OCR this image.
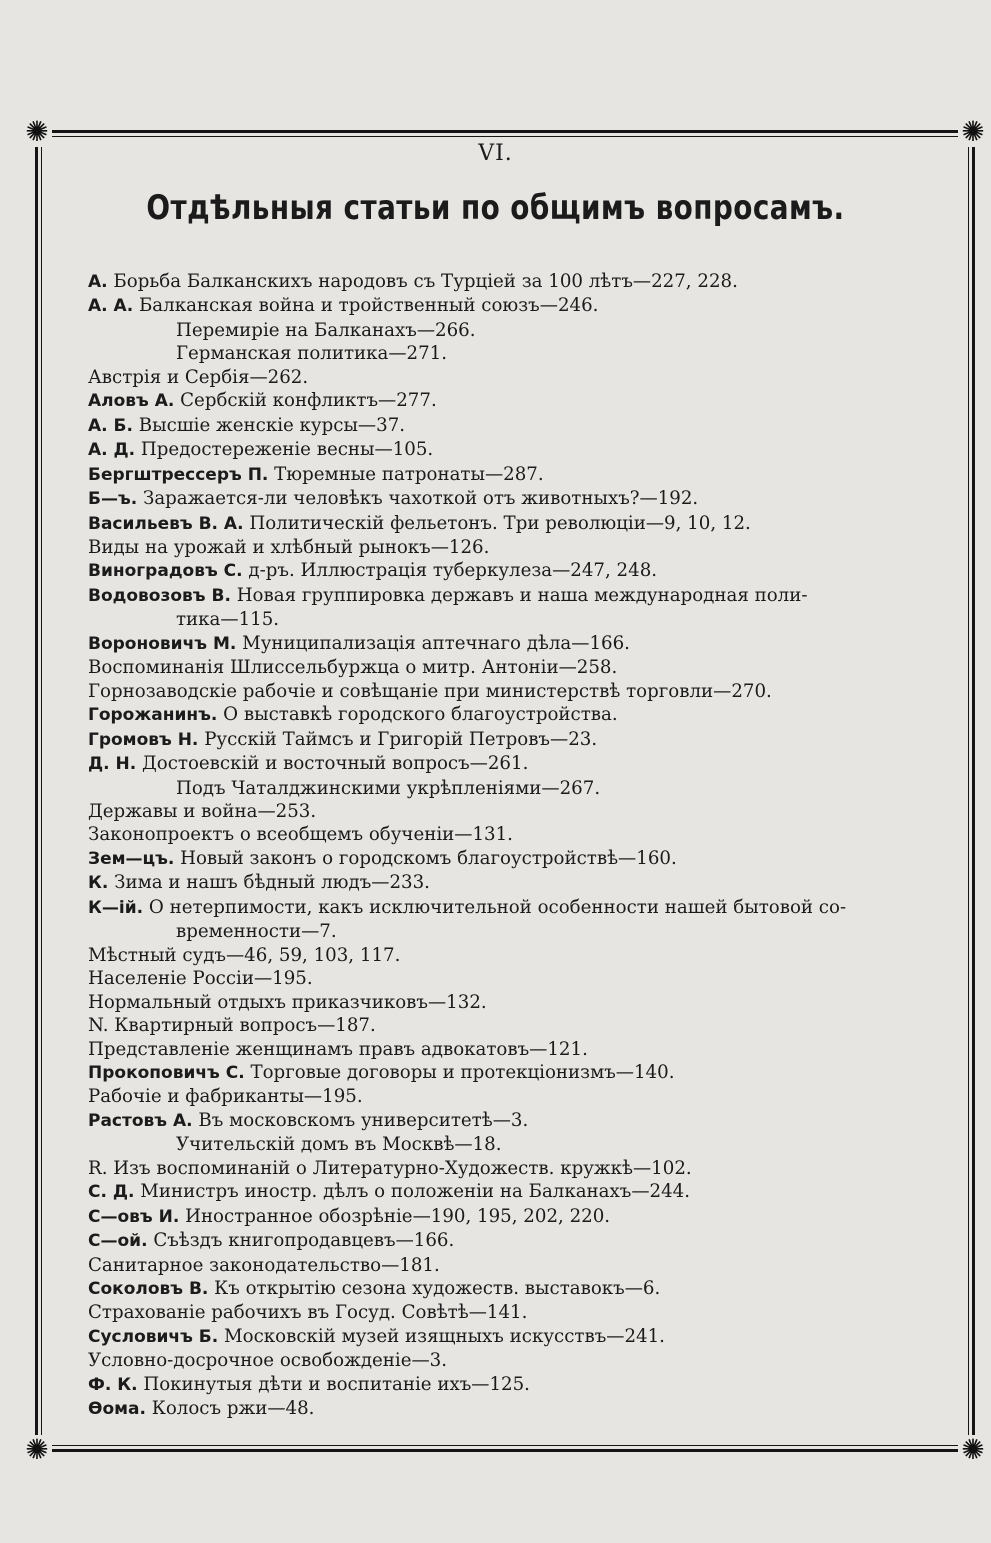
✺	✺
✺	✺
VI.
Отдѣльныя статьи по общимъ вопросамъ.
А. Борьба Балканскихъ народовъ съ Турціей за 100 лѣтъ—227, 228.
А. А. Балканская война и тройственный союзъ—246.
Перемиріе на Балканахъ—266.
Германская политика—271.
Австрія и Сербія—262.
Аловъ А. Сербскій конфликтъ—277.
А. Б. Высшіе женскіе курсы—37.
А. Д. Предостереженіе весны—105.
Бергштрессеръ П. Тюремные патронаты—287.
Б—ъ. Заражается-ли человѣкъ чахоткой отъ животныхъ?—192.
Васильевъ В. А. Политическій фельетонъ. Три революціи—9, 10, 12.
Виды на урожай и хлѣбный рынокъ—126.
Виноградовъ С. д-ръ. Иллюстрація туберкулеза—247, 248.
Водовозовъ В. Новая группировка державъ и наша международная поли-
тика—115.
Вороновичъ М. Муниципализація аптечнаго дѣла—166.
Воспоминанія Шлиссельбуржца о митр. Антоніи—258.
Горнозаводскіе рабочіе и совѣщаніе при министерствѣ торговли—270.
Горожанинъ. О выставкѣ городского благоустройства.
Громовъ Н. Русскій Таймсъ и Григорій Петровъ—23.
Д. Н. Достоевскій и восточный вопросъ—261.
Подъ Чаталджинскими укрѣпленіями—267.
Державы и война—253.
Законопроектъ о всеобщемъ обученіи—131.
Зем—цъ. Новый законъ о городскомъ благоустройствѣ—160.
К. Зима и нашъ бѣдный людъ—233.
К—ій. О нетерпимости, какъ исключительной особенности нашей бытовой со-
временности—7.
Мѣстный судъ—46, 59, 103, 117.
Населеніе Россіи—195.
Нормальный отдыхъ приказчиковъ—132.
N. Квартирный вопросъ—187.
Представленіе женщинамъ правъ адвокатовъ—121.
Прокоповичъ С. Торговые договоры и протекціонизмъ—140.
Рабочіе и фабриканты—195.
Растовъ А. Въ московскомъ университетѣ—3.
Учительскій домъ въ Москвѣ—18.
R. Изъ воспоминаній о Литературно-Художеств. кружкѣ—102.
С. Д. Министръ иностр. дѣлъ о положеніи на Балканахъ—244.
С—овъ И. Иностранное обозрѣніе—190, 195, 202, 220.
С—ой. Съѣздъ книгопродавцевъ—166.
Санитарное законодательство—181.
Соколовъ В. Къ открытію сезона художеств. выставокъ—6.
Страхованіе рабочихъ въ Госуд. Совѣтѣ—141.
Сусловичъ Б. Московскій музей изящныхъ искусствъ—241.
Условно-досрочное освобожденіе—3.
Ф. К. Покинутыя дѣти и воспитаніе ихъ—125.
Ѳома. Колосъ ржи—48.
